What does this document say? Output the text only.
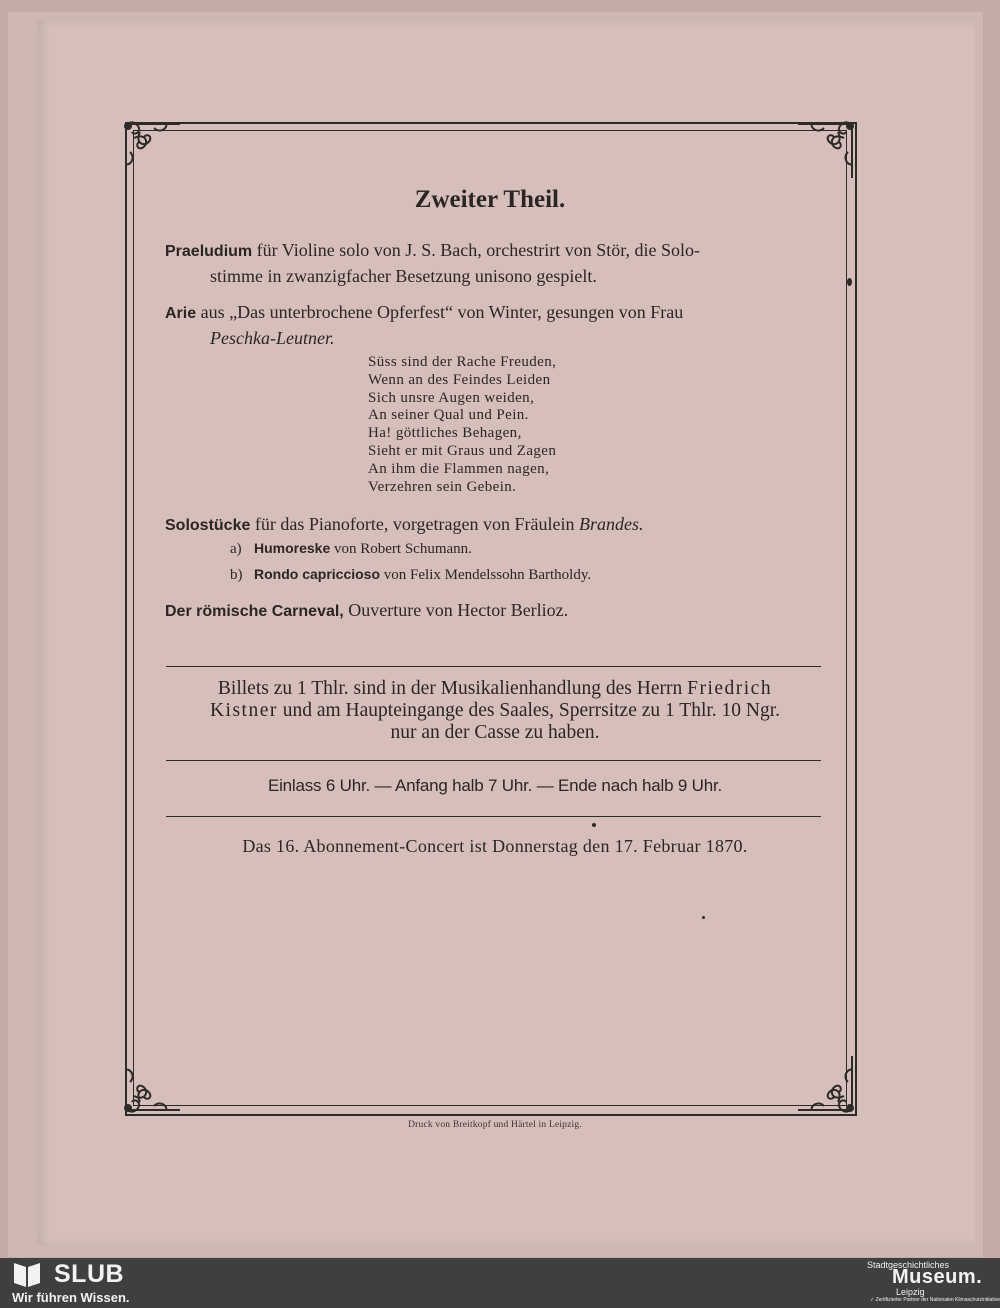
Zweiter Theil.
Praeludium für Violine solo von J. S. Bach, orchestrirt von Stör, die Solo-
stimme in zwanzigfacher Besetzung unisono gespielt.
Arie aus „Das unterbrochene Opferfest“ von Winter, gesungen von Frau
Peschka-Leutner.
Süss sind der Rache Freuden,
Wenn an des Feindes Leiden
Sich unsre Augen weiden,
An seiner Qual und Pein.
Ha! göttliches Behagen,
Sieht er mit Graus und Zagen
An ihm die Flammen nagen,
Verzehren sein Gebein.
Solostücke für das Pianoforte, vorgetragen von Fräulein Brandes.
a) Humoreske von Robert Schumann.
b) Rondo capriccioso von Felix Mendelssohn Bartholdy.
Der römische Carneval, Ouverture von Hector Berlioz.
Billets zu 1 Thlr. sind in der Musikalienhandlung des Herrn Friedrich
Kistner und am Haupteingange des Saales, Sperrsitze zu 1 Thlr. 10 Ngr.
nur an der Casse zu haben.
Einlass 6 Uhr. — Anfang halb 7 Uhr. — Ende nach halb 9 Uhr.
Das 16. Abonnement-Concert ist Donnerstag den 17. Februar 1870.
Druck von Breitkopf und Härtel in Leipzig.
SLUB
Wir führen Wissen.
Stadtgeschichtliches
Museum.
Leipzig
✓ Zertifizierter Partner der Nationalen Klimaschutzinitiative
